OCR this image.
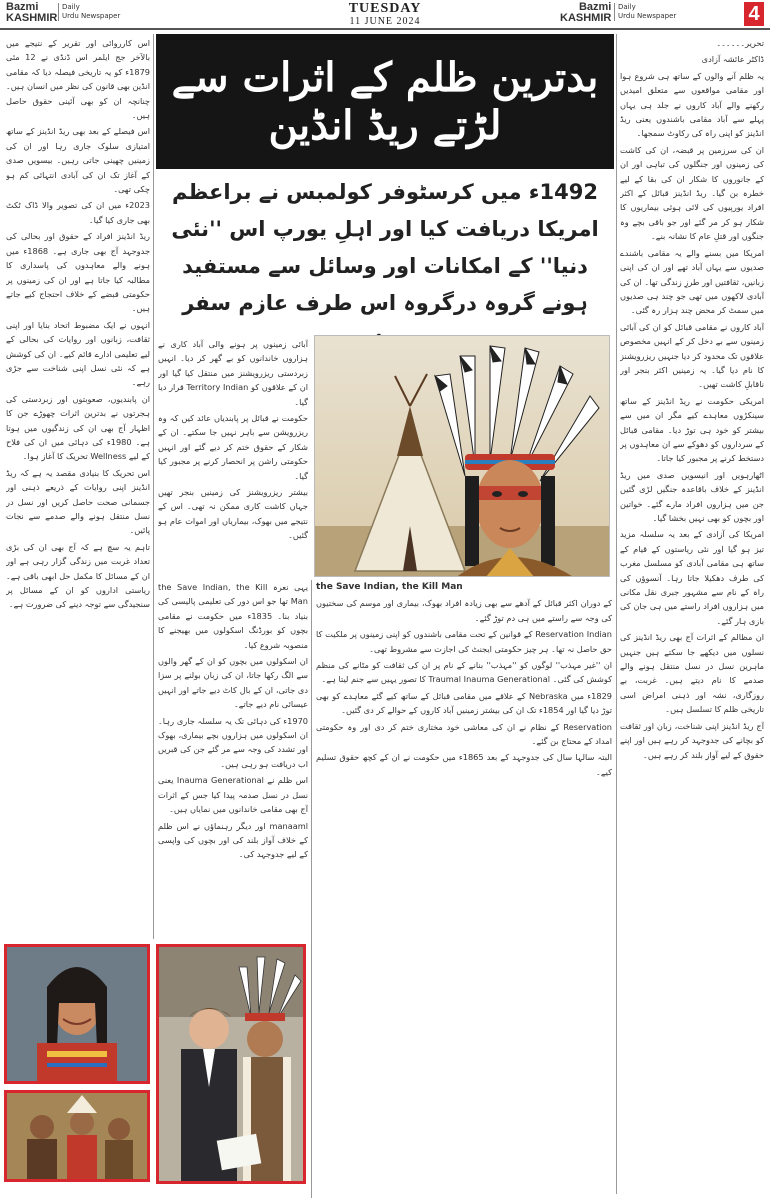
Bazmi
KASHMIR
Daily
Urdu Newspaper	TUESDAY
11 JUNE 2024
Bazmi
KASHMIR
Daily
Urdu Newspaper	4
بدترین ظلم کے اثرات سے لڑتے ریڈ انڈین
1492ء میں کرسٹوفر کولمبس نے براعظم امریکا دریافت کیا اور اہلِ یورپ اس ''نئی دنیا'' کے امکانات اور وسائل سے مستفید ہونے گروہ درگروہ اس طرف عازم سفر

تحریر۔۔۔۔۔۔

ڈاکٹر عائشہ آزادی

یہ ظلم آنے والوں کے ساتھ ہی شروع ہوا اور مقامی مواقعوں سے متعلق امیدیں رکھنے والے آباد کاروں نے جلد ہی یہاں پہلے سے آباد مقامی باشندوں یعنی ریڈ انڈینز کو اپنی راہ کی رکاوٹ سمجھا۔

ان کی سرزمین پر قبضہ، ان کی کاشت کی زمینوں اور جنگلوں کی تباہی اور ان کے جانوروں کا شکار ان کی بقا کے لیے خطرہ بن گیا۔ ریڈ انڈینز قبائل کے اکثر افراد یورپیوں کی لائی ہوئی بیماریوں کا شکار ہو کر مر گئے اور جو باقی بچے وہ جنگوں اور قتلِ عام کا نشانہ بنے۔

امریکا میں بسنے والے یہ مقامی باشندے صدیوں سے یہاں آباد تھے اور ان کی اپنی زبانیں، ثقافتیں اور طرزِ زندگی تھا۔ ان کی آبادی لاکھوں میں تھی جو چند ہی صدیوں میں سمٹ کر محض چند ہزار رہ گئی۔

آباد کاروں نے مقامی قبائل کو ان کی آبائی زمینوں سے بے دخل کر کے انہیں مخصوص علاقوں تک محدود کر دیا جنہیں ریزرویشنز کا نام دیا گیا۔ یہ زمینیں اکثر بنجر اور ناقابلِ کاشت تھیں۔

امریکی حکومت نے ریڈ انڈینز کے ساتھ سینکڑوں معاہدے کیے مگر ان میں سے بیشتر کو خود ہی توڑ دیا۔ مقامی قبائل کے سرداروں کو دھوکے سے ان معاہدوں پر دستخط کرنے پر مجبور کیا جاتا۔

اٹھارہویں اور انیسویں صدی میں ریڈ انڈینز کے خلاف باقاعدہ جنگیں لڑی گئیں جن میں ہزاروں افراد مارے گئے۔ خواتین اور بچوں کو بھی نہیں بخشا گیا۔

امریکا کی آزادی کے بعد یہ سلسلہ مزید تیز ہو گیا اور نئی ریاستوں کے قیام کے ساتھ ہی مقامی آبادی کو مسلسل مغرب کی طرف دھکیلا جاتا رہا۔ آنسوؤں کی راہ کے نام سے مشہور جبری نقل مکانی میں ہزاروں افراد راستے میں ہی جان کی بازی ہار گئے۔

ان مظالم کے اثرات آج بھی ریڈ انڈینز کی نسلوں میں دیکھے جا سکتے ہیں جنہیں ماہرین نسل در نسل منتقل ہونے والے صدمے کا نام دیتے ہیں۔ غربت، بے روزگاری، نشہ اور ذہنی امراض اسی تاریخی ظلم کا تسلسل ہیں۔

آج ریڈ انڈینز اپنی شناخت، زبان اور ثقافت کو بچانے کی جدوجہد کر رہے ہیں اور اپنے حقوق کے لیے آواز بلند کر رہے ہیں۔

اس کارروائی اور تقریر کے نتیجے میں بالآخر جج ایلمر اس ڈنڈی نے 12 مئی 1879ء کو یہ تاریخی فیصلہ دیا کہ مقامی انڈین بھی قانون کی نظر میں انسان ہیں۔ چنانچہ ان کو بھی آئینی حقوق حاصل ہیں۔

اس فیصلے کے بعد بھی ریڈ انڈینز کے ساتھ امتیازی سلوک جاری رہا اور ان کی زمینیں چھینی جاتی رہیں۔ بیسویں صدی کے آغاز تک ان کی آبادی انتہائی کم ہو چکی تھی۔

2023ء میں ان کی تصویر والا ڈاک ٹکٹ بھی جاری کیا گیا۔

ریڈ انڈینز افراد کے حقوق اور بحالی کی جدوجہد آج بھی جاری ہے۔ 1868ء میں ہونے والے معاہدوں کی پاسداری کا مطالبہ کیا جاتا ہے اور ان کی زمینوں پر حکومتی قبضے کے خلاف احتجاج کیے جاتے ہیں۔

انہوں نے ایک مضبوط اتحاد بنایا اور اپنی ثقافت، زبانوں اور روایات کی بحالی کے لیے تعلیمی ادارے قائم کیے۔ ان کی کوشش ہے کہ نئی نسل اپنی شناخت سے جڑی رہے۔

ان پابندیوں، صعوبتوں اور زبردستی کی ہجرتوں نے بدترین اثرات چھوڑے جن کا اظہار آج بھی ان کی زندگیوں میں ہوتا ہے۔ 1980ء کی دہائی میں ان کی فلاح کے لیے Wellness تحریک کا آغاز ہوا۔

اس تحریک کا بنیادی مقصد یہ ہے کہ ریڈ انڈینز اپنی روایات کے ذریعے ذہنی اور جسمانی صحت حاصل کریں اور نسل در نسل منتقل ہونے والے صدمے سے نجات پائیں۔

تاہم یہ سچ ہے کہ آج بھی ان کی بڑی تعداد غربت میں زندگی گزار رہی ہے اور ان کے مسائل کا مکمل حل ابھی باقی ہے۔ ریاستی اداروں کو ان کے مسائل پر سنجیدگی سے توجہ دینے کی ضرورت ہے۔

آبائی زمینوں پر ہونے والی آباد کاری نے ہزاروں خاندانوں کو بے گھر کر دیا۔ انہیں زبردستی ریزرویشنز میں منتقل کیا گیا اور ان کے علاقوں کو Territory Indian قرار دیا گیا۔

حکومت نے قبائل پر پابندیاں عائد کیں کہ وہ ریزرویشن سے باہر نہیں جا سکتے۔ ان کے شکار کے حقوق ختم کر دیے گئے اور انہیں حکومتی راشن پر انحصار کرنے پر مجبور کیا گیا۔

بیشتر ریزرویشنز کی زمینیں بنجر تھیں جہاں کاشت کاری ممکن نہ تھی۔ اس کے نتیجے میں بھوک، بیماریاں اور اموات عام ہو گئیں۔

یہی نعرہ the Save Indian, the Kill Man تھا جو اس دور کی تعلیمی پالیسی کی بنیاد بنا۔ 1835ء میں حکومت نے مقامی بچوں کو بورڈنگ اسکولوں میں بھیجنے کا منصوبہ شروع کیا۔

ان اسکولوں میں بچوں کو ان کے گھر والوں سے الگ رکھا جاتا، ان کی زبان بولنے پر سزا دی جاتی، ان کے بال کاٹ دیے جاتے اور انہیں عیسائی نام دیے جاتے۔

1970ء کی دہائی تک یہ سلسلہ جاری رہا۔ ان اسکولوں میں ہزاروں بچے بیماری، بھوک اور تشدد کی وجہ سے مر گئے جن کی قبریں اب دریافت ہو رہی ہیں۔

اس ظلم نے Inauma Generational یعنی نسل در نسل صدمہ پیدا کیا جس کے اثرات آج بھی مقامی خاندانوں میں نمایاں ہیں۔

manaaml اور دیگر رہنماؤں نے اس ظلم کے خلاف آواز بلند کی اور بچوں کی واپسی کے لیے جدوجہد کی۔

the Save Indian, the Kill Man

کے دوران اکثر قبائل کے آدھے سے بھی زیادہ افراد بھوک، بیماری اور موسم کی سختیوں کی وجہ سے راستے میں ہی دم توڑ گئے۔

Reservation Indian کے قوانین کے تحت مقامی باشندوں کو اپنی زمینوں پر ملکیت کا حق حاصل نہ تھا۔ ہر چیز حکومتی ایجنٹ کی اجازت سے مشروط تھی۔

ان ''غیر مہذب'' لوگوں کو ''مہذب'' بنانے کے نام پر ان کی ثقافت کو مٹانے کی منظم کوشش کی گئی۔ Traumal Inauma Generational کا تصور یہیں سے جنم لیتا ہے۔

1829ء میں Nebraska کے علاقے میں مقامی قبائل کے ساتھ کیے گئے معاہدے کو بھی توڑ دیا گیا اور 1854ء تک ان کی بیشتر زمینیں آباد کاروں کے حوالے کر دی گئیں۔

Reservation کے نظام نے ان کی معاشی خود مختاری ختم کر دی اور وہ حکومتی امداد کے محتاج بن گئے۔

البتہ سالہا سال کی جدوجہد کے بعد 1865ء میں حکومت نے ان کے کچھ حقوق تسلیم کیے۔
